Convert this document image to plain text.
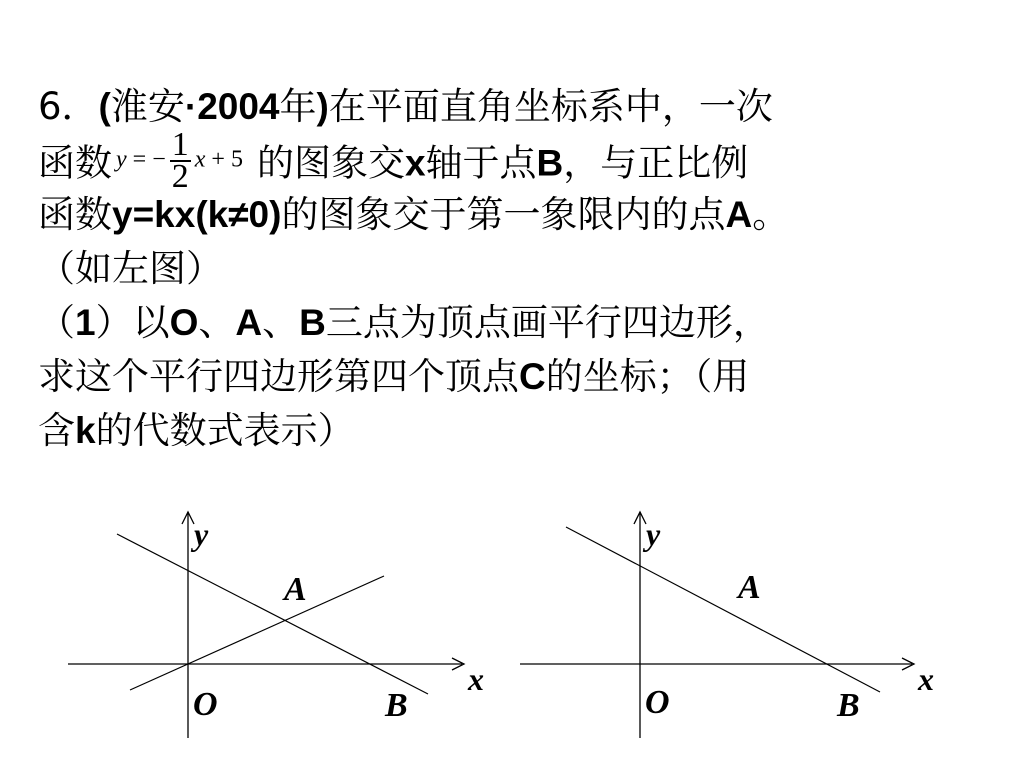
6．(淮安·2004年)在平面直角坐标系中，一次
函数 y = − $\frac{1}{2}$ x + 5 的图象交x轴于点B，与正比例
函数y=kx(k≠0)的图象交于第一象限内的点A。
（如左图）
（1）以O、A、B三点为顶点画平行四边形，
求这个平行四边形第四个顶点C的坐标；（用
含k的代数式表示）
y
x
O
A
B
y
x
O
A
B
